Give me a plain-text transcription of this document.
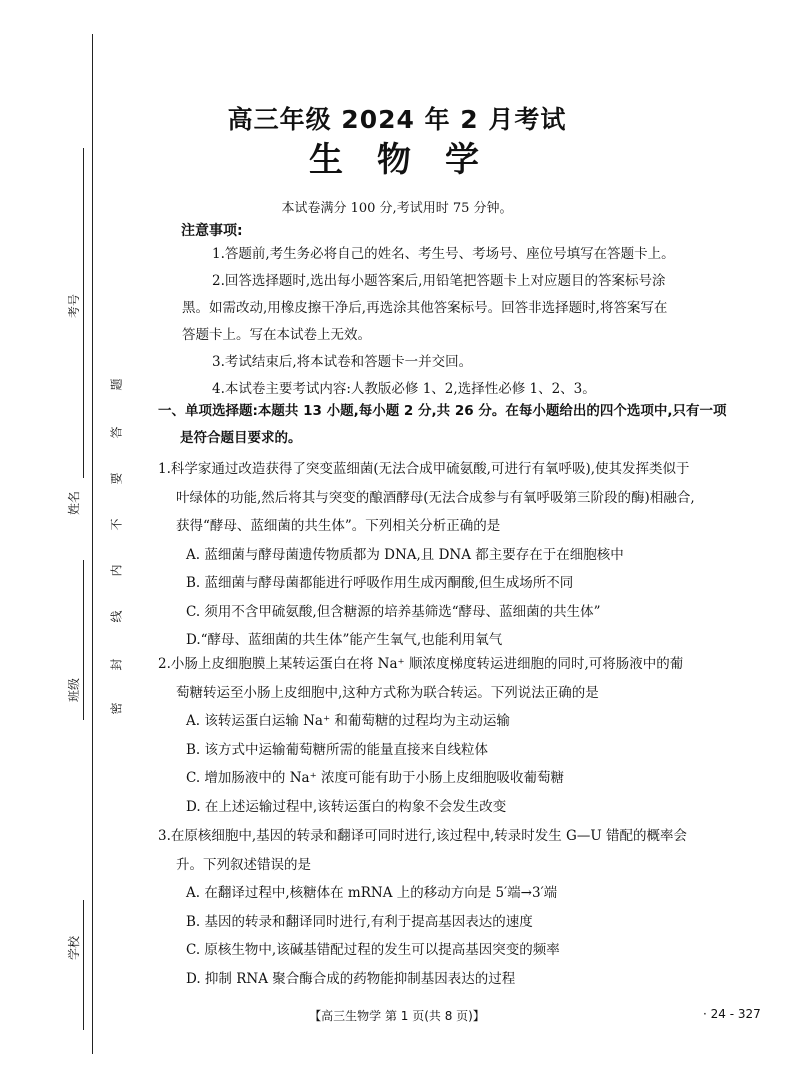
考号
姓名
班级
学校
题
答
要
不
内
线
封
密
高三年级 2024 年 2 月考试
生物学
本试卷满分 100 分,考试用时 75 分钟。
注意事项:

1.答题前,考生务必将自己的姓名、考生号、考场号、座位号填写在答题卡上。

2.回答选择题时,选出每小题答案后,用铅笔把答题卡上对应题目的答案标号涂

黑。如需改动,用橡皮擦干净后,再选涂其他答案标号。回答非选择题时,将答案写在

答题卡上。写在本试卷上无效。

3.考试结束后,将本试卷和答题卡一并交回。

4.本试卷主要考试内容:人教版必修 1、2,选择性必修 1、2、3。

一、单项选择题:本题共 13 小题,每小题 2 分,共 26 分。在每小题给出的四个选项中,只有一项

是符合题目要求的。

1.科学家通过改造获得了突变蓝细菌(无法合成甲硫氨酸,可进行有氧呼吸),使其发挥类似于

叶绿体的功能,然后将其与突变的酿酒酵母(无法合成参与有氧呼吸第三阶段的酶)相融合,

获得“酵母、蓝细菌的共生体”。下列相关分析正确的是

A. 蓝细菌与酵母菌遗传物质都为 DNA,且 DNA 都主要存在于在细胞核中

B. 蓝细菌与酵母菌都能进行呼吸作用生成丙酮酸,但生成场所不同

C. 须用不含甲硫氨酸,但含糖源的培养基筛选“酵母、蓝细菌的共生体”

D.“酵母、蓝细菌的共生体”能产生氧气,也能利用氧气

2.小肠上皮细胞膜上某转运蛋白在将 Na⁺ 顺浓度梯度转运进细胞的同时,可将肠液中的葡

萄糖转运至小肠上皮细胞中,这种方式称为联合转运。下列说法正确的是

A. 该转运蛋白运输 Na⁺ 和葡萄糖的过程均为主动运输

B. 该方式中运输葡萄糖所需的能量直接来自线粒体

C. 增加肠液中的 Na⁺ 浓度可能有助于小肠上皮细胞吸收葡萄糖

D. 在上述运输过程中,该转运蛋白的构象不会发生改变

3.在原核细胞中,基因的转录和翻译可同时进行,该过程中,转录时发生 G—U 错配的概率会

升。下列叙述错误的是

A. 在翻译过程中,核糖体在 mRNA 上的移动方向是 5′端→3′端

B. 基因的转录和翻译同时进行,有利于提高基因表达的速度

C. 原核生物中,该碱基错配过程的发生可以提高基因突变的频率

D. 抑制 RNA 聚合酶合成的药物能抑制基因表达的过程

【高三生物学 第 1 页(共 8 页)】	· 24 - 327
